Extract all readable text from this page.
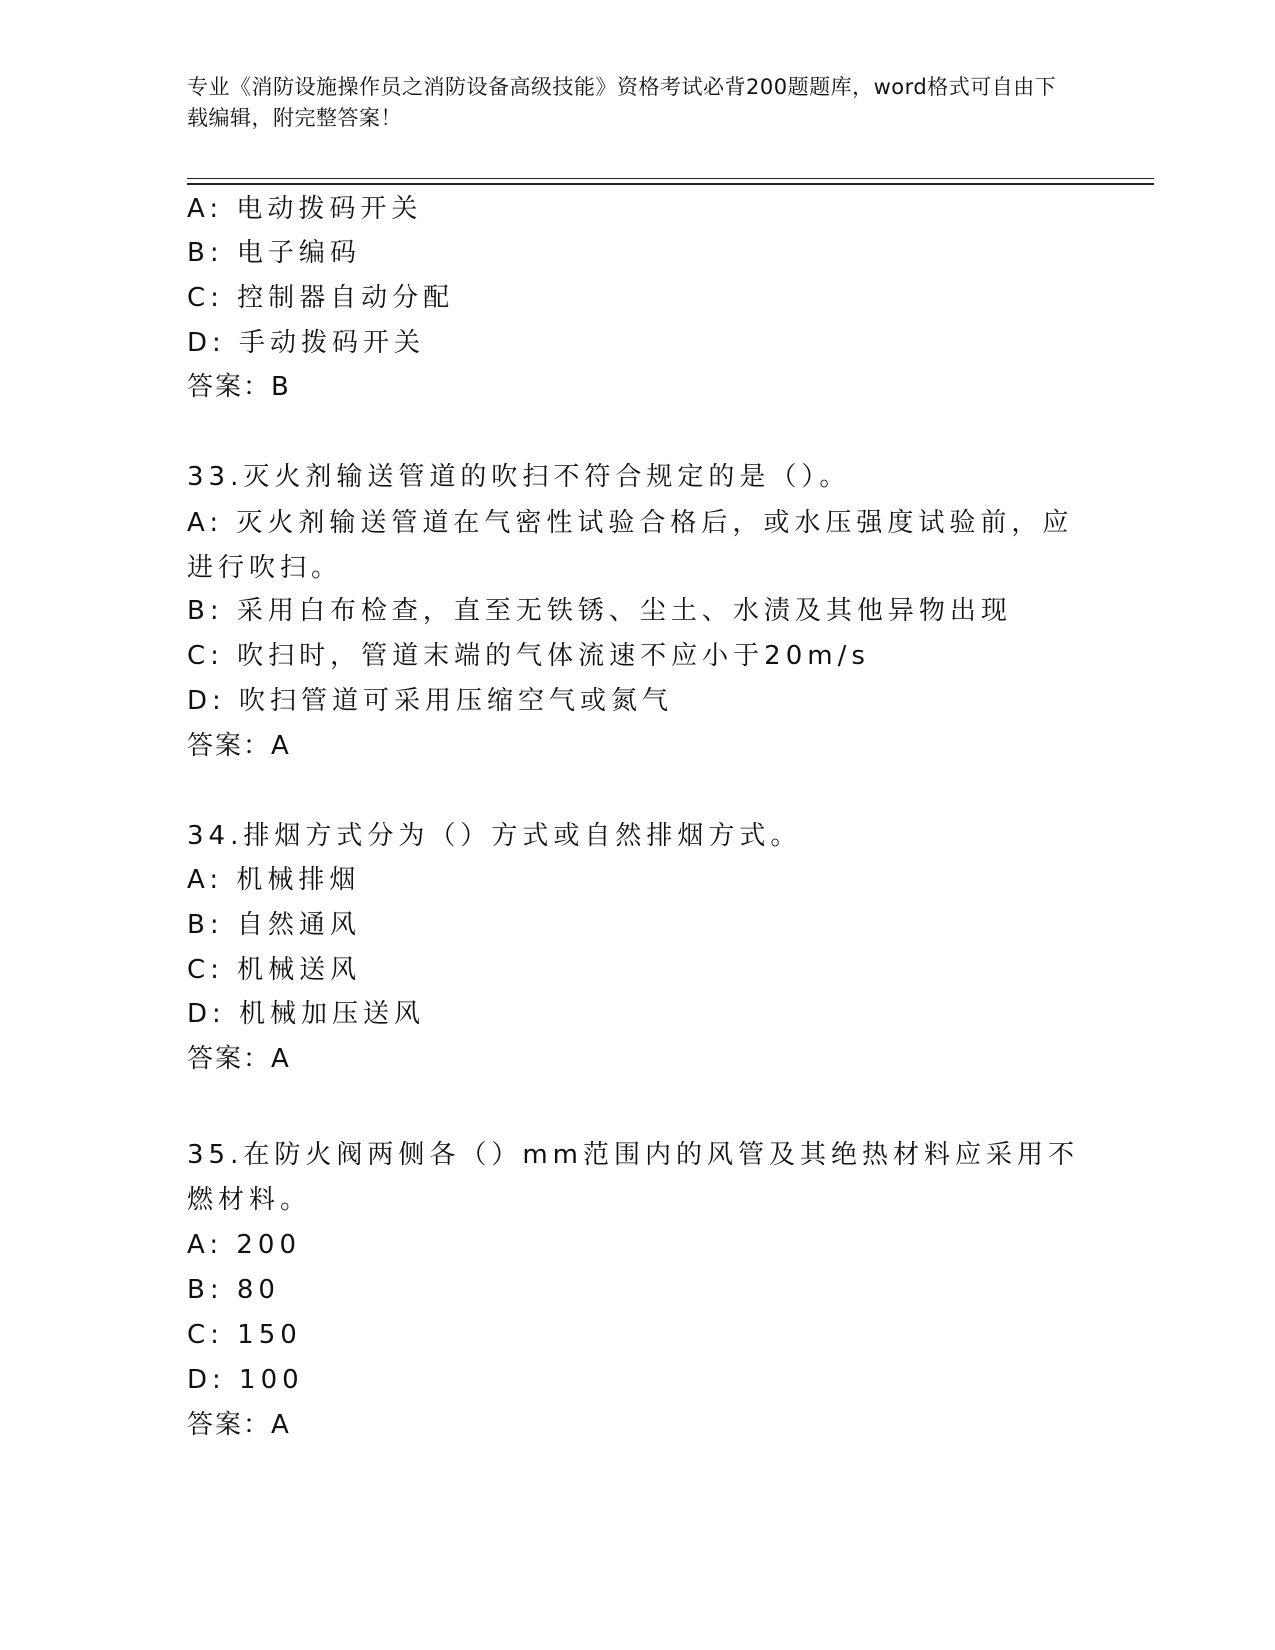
专业《消防设施操作员之消防设备高级技能》资格考试必背200题题库，word格式可自由下载编辑，附完整答案！
A: 电动拨码开关
B: 电子编码
C: 控制器自动分配
D: 手动拨码开关
答案：B
33.灭火剂输送管道的吹扫不符合规定的是（）。
A: 灭火剂输送管道在气密性试验合格后，或水压强度试验前，应进行吹扫。
B: 采用白布检查，直至无铁锈、尘土、水渍及其他异物出现
C: 吹扫时，管道末端的气体流速不应小于20m/s
D: 吹扫管道可采用压缩空气或氮气
答案：A
34.排烟方式分为（）方式或自然排烟方式。
A: 机械排烟
B: 自然通风
C: 机械送风
D: 机械加压送风
答案：A
35.在防火阀两侧各（）mm范围内的风管及其绝热材料应采用不燃材料。
A: 200
B: 80
C: 150
D: 100
答案：A
